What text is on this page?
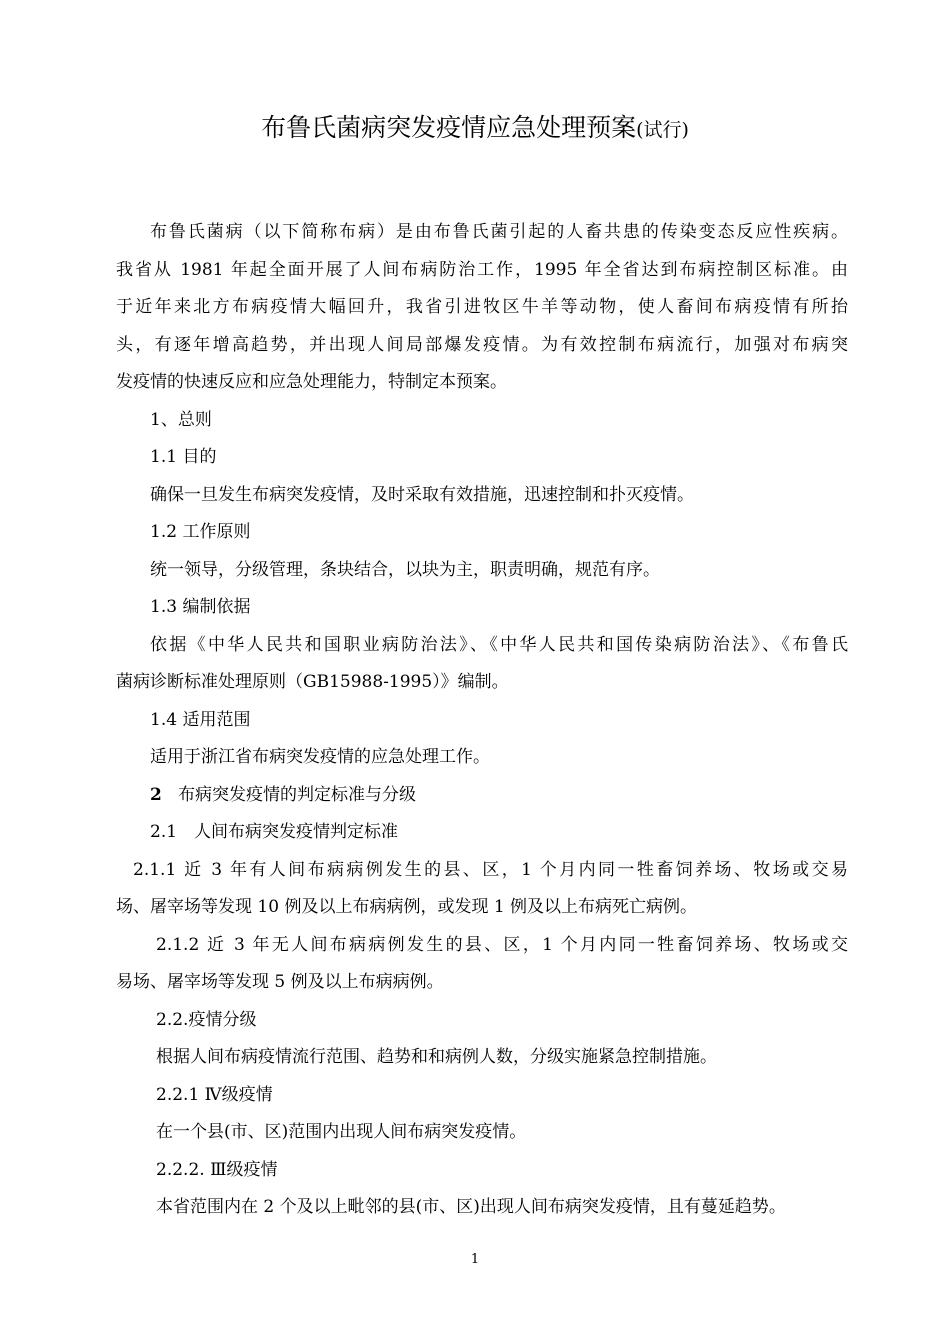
布鲁氏菌病突发疫情应急处理预案(试行)
布鲁氏菌病（以下简称布病）是由布鲁氏菌引起的人畜共患的传染变态反应性疾病。
我省从 1981 年起全面开展了人间布病防治工作，1995 年全省达到布病控制区标准。由
于近年来北方布病疫情大幅回升，我省引进牧区牛羊等动物，使人畜间布病疫情有所抬
头，有逐年增高趋势，并出现人间局部爆发疫情。为有效控制布病流行，加强对布病突
发疫情的快速反应和应急处理能力，特制定本预案。
1、总则
1.1 目的
确保一旦发生布病突发疫情，及时采取有效措施，迅速控制和扑灭疫情。
1.2 工作原则
统一领导，分级管理，条块结合，以块为主，职责明确，规范有序。
1.3 编制依据
依据《中华人民共和国职业病防治法》、《中华人民共和国传染病防治法》、《布鲁氏
菌病诊断标准处理原则（GB15988-1995）》编制。
1.4 适用范围
适用于浙江省布病突发疫情的应急处理工作。
2 布病突发疫情的判定标准与分级
2.1　人间布病突发疫情判定标准
2.1.1 近 3 年有人间布病病例发生的县、区，1 个月内同一牲畜饲养场、牧场或交易
场、屠宰场等发现 10 例及以上布病病例，或发现 1 例及以上布病死亡病例。
2.1.2 近 3 年无人间布病病例发生的县、区，1 个月内同一牲畜饲养场、牧场或交
易场、屠宰场等发现 5 例及以上布病病例。
2.2.疫情分级
根据人间布病疫情流行范围、趋势和和病例人数，分级实施紧急控制措施。
2.2.1 Ⅳ级疫情
在一个县(市、区)范围内出现人间布病突发疫情。
2.2.2. Ⅲ级疫情
本省范围内在 2 个及以上毗邻的县(市、区)出现人间布病突发疫情，且有蔓延趋势。
1
